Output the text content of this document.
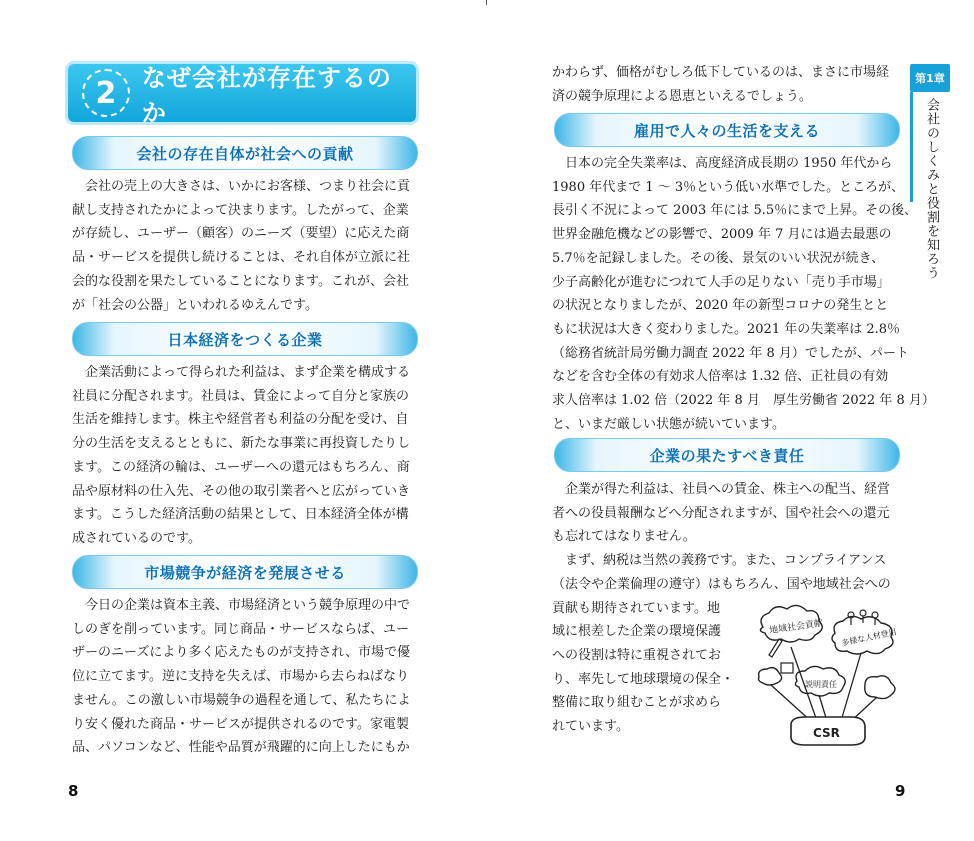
2	なぜ会社が存在するのか
会社の存在自体が社会への貢献

　会社の売上の大きさは、いかにお客様、つまり社会に貢
献し支持されたかによって決まります。したがって、企業
が存続し、ユーザー（顧客）のニーズ（要望）に応えた商
品・サービスを提供し続けることは、それ自体が立派に社
会的な役割を果たしていることになります。これが、会社
が「社会の公器」といわれるゆえんです。

日本経済をつくる企業

　企業活動によって得られた利益は、まず企業を構成する
社員に分配されます。社員は、賃金によって自分と家族の
生活を維持します。株主や経営者も利益の分配を受け、自
分の生活を支えるとともに、新たな事業に再投資したりし
ます。この経済の輪は、ユーザーへの還元はもちろん、商
品や原材料の仕入先、その他の取引業者へと広がっていき
ます。こうした経済活動の結果として、日本経済全体が構
成されているのです。

市場競争が経済を発展させる

　今日の企業は資本主義、市場経済という競争原理の中で
しのぎを削っています。同じ商品・サービスならば、ユー
ザーのニーズにより多く応えたものが支持され、市場で優
位に立てます。逆に支持を失えば、市場から去らねばなり
ません。この激しい市場競争の過程を通して、私たちによ
り安く優れた商品・サービスが提供されるのです。家電製
品、パソコンなど、性能や品質が飛躍的に向上したにもか

8

かわらず、価格がむしろ低下しているのは、まさに市場経
済の競争原理による恩恵といえるでしょう。

雇用で人々の生活を支える

　日本の完全失業率は、高度経済成長期の 1950 年代から
1980 年代まで 1 ～ 3％という低い水準でした。ところが、
長引く不況によって 2003 年には 5.5％にまで上昇。その後、
世界金融危機などの影響で、2009 年 7 月には過去最悪の
5.7％を記録しました。その後、景気のいい状況が続き、
少子高齢化が進むにつれて人手の足りない「売り手市場」
の状況となりましたが、2020 年の新型コロナの発生とと
もに状況は大きく変わりました。2021 年の失業率は 2.8％
（総務省統計局労働力調査 2022 年 8 月）でしたが、パート
などを含む全体の有効求人倍率は 1.32 倍、正社員の有効
求人倍率は 1.02 倍（2022 年 8 月　厚生労働省 2022 年 8 月）
と、いまだ厳しい状態が続いています。

企業の果たすべき責任

　企業が得た利益は、社員への賃金、株主への配当、経営
者への役員報酬などへ分配されますが、国や社会への還元
も忘れてはなりません。
　まず、納税は当然の義務です。また、コンプライアンス
（法令や企業倫理の遵守）はもちろん、国や地域社会への
貢献も期待されています。地
域に根差した企業の環境保護
への役割は特に重視されてお
り、率先して地球環境の保全・
整備に取り組むことが求めら
れています。

9
第1章
会社のしくみと役割を知ろう
地域社会貢献 多様な人材登用
説明責任
CSR
